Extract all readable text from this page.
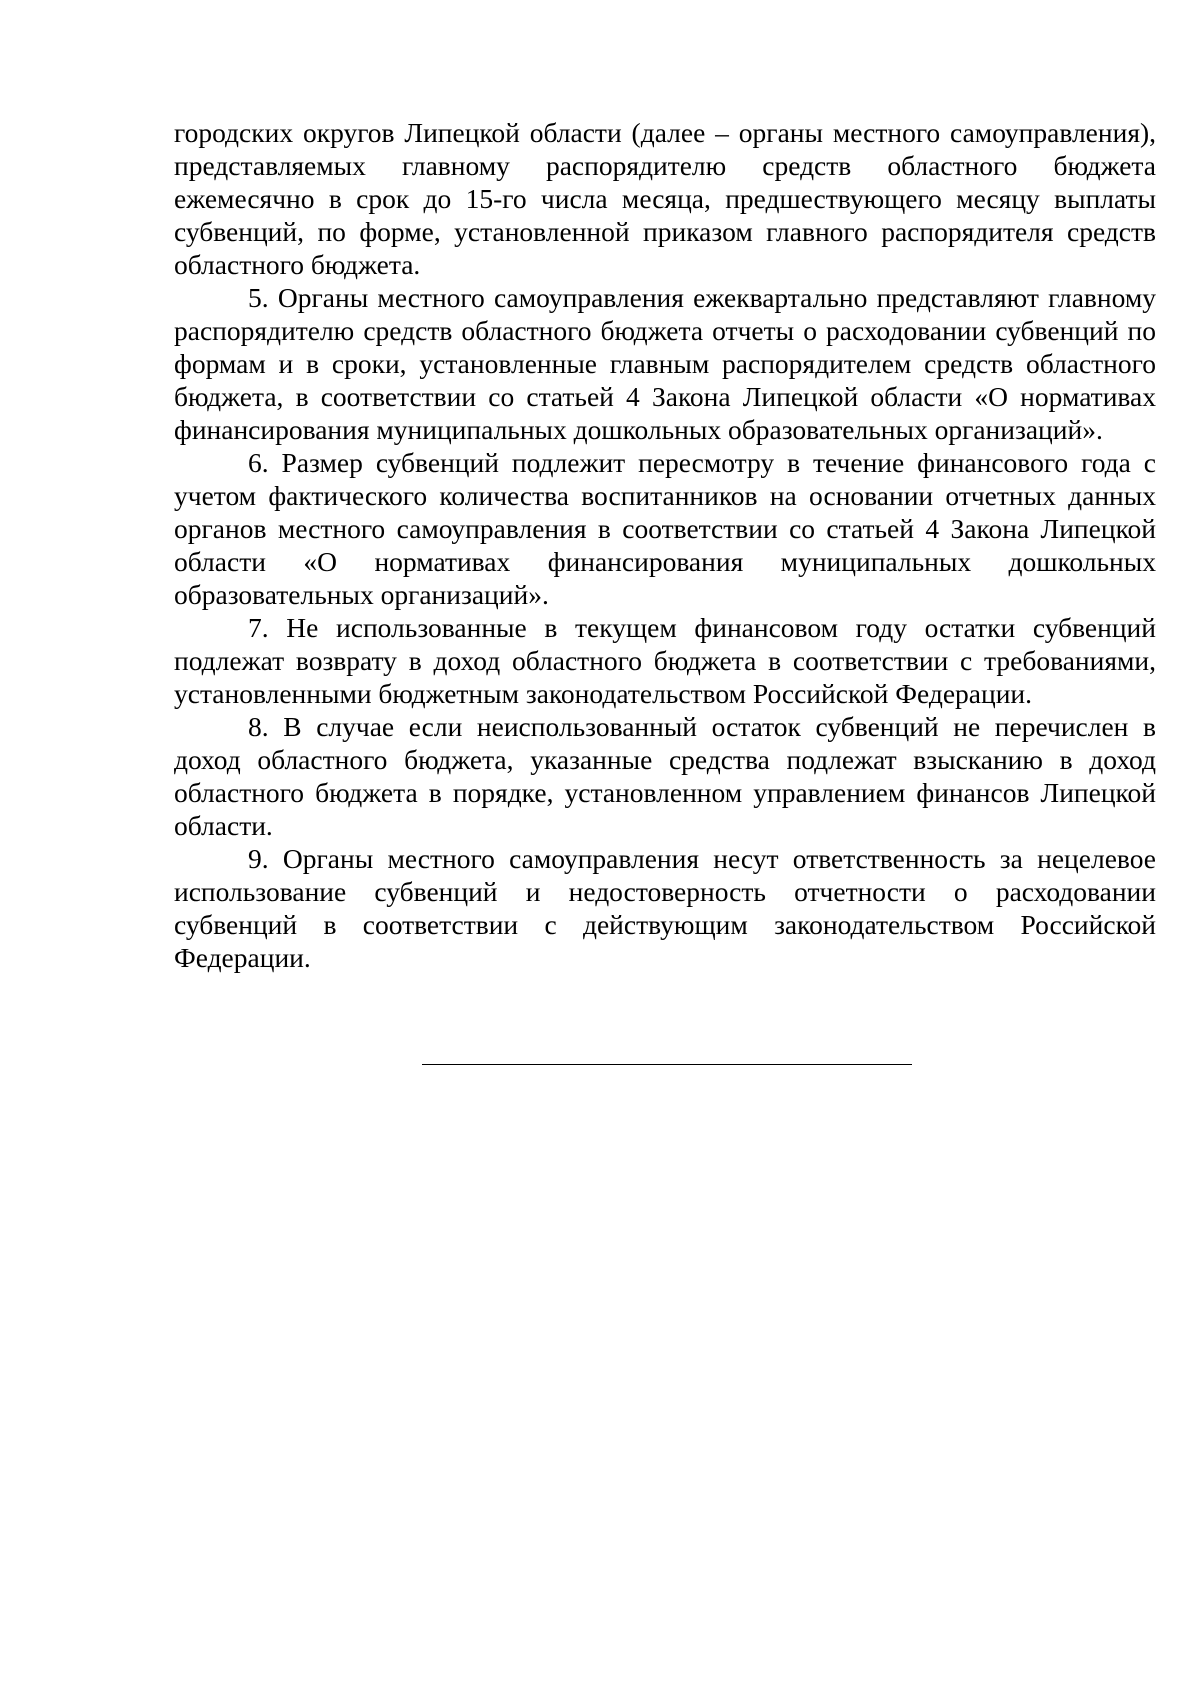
городских округов Липецкой области (далее – органы местного самоуправления), представляемых главному распорядителю средств областного бюджета ежемесячно в срок до 15-го числа месяца, предшествующего месяцу выплаты субвенций, по форме, установленной приказом главного распорядителя средств областного бюджета.

5. Органы местного самоуправления ежеквартально представляют главному распорядителю средств областного бюджета отчеты о расходовании субвенций по формам и в сроки, установленные главным распорядителем средств областного бюджета, в соответствии со статьей 4 Закона Липецкой области «О нормативах финансирования муниципальных дошкольных образовательных организаций».

6. Размер субвенций подлежит пересмотру в течение финансового года с учетом фактического количества воспитанников на основании отчетных данных органов местного самоуправления в соответствии со статьей 4 Закона Липецкой области «О нормативах финансирования муниципальных дошкольных образовательных организаций».

7. Не использованные в текущем финансовом году остатки субвенций подлежат возврату в доход областного бюджета в соответствии с требованиями, установленными бюджетным законодательством Российской Федерации.

8. В случае если неиспользованный остаток субвенций не перечислен в доход областного бюджета, указанные средства подлежат взысканию в доход областного бюджета в порядке, установленном управлением финансов Липецкой области.

9. Органы местного самоуправления несут ответственность за нецелевое использование субвенций и недостоверность отчетности о расходовании субвенций в соответствии с действующим законодательством Российской Федерации.
